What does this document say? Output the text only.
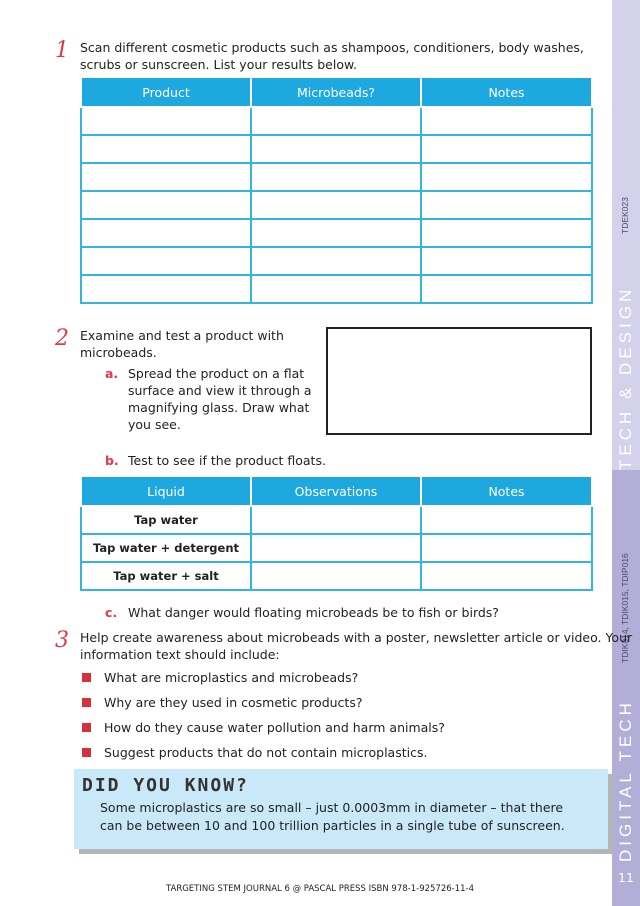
TECH & DESIGN
TDEK023
DIGITAL TECH
TDIK014, TDIK015, TDIP016
11
1 Scan different cosmetic products such as shampoos, conditioners, body washes,
scrubs or sunscreen. List your results below.
Product	Microbeads?	Notes

2 Examine and test a product with
microbeads.
a. Spread the product on a flat
surface and view it through a
magnifying glass. Draw what
you see.
b. Test to see if the product floats.
Liquid	Observations	Notes
Tap water		
Tap water + detergent		
Tap water + salt		
c. What danger would floating microbeads be to fish or birds?
3 Help create awareness about microbeads with a poster, newsletter article or video. Your
information text should include:
What are microplastics and microbeads?
Why are they used in cosmetic products?
How do they cause water pollution and harm animals?
Suggest products that do not contain microplastics.
DID YOU KNOW?
Some microplastics are so small – just 0.0003mm in diameter – that there
can be between 10 and 100 trillion particles in a single tube of sunscreen.
TARGETING STEM JOURNAL 6 @ PASCAL PRESS ISBN 978-1-925726-11-4
